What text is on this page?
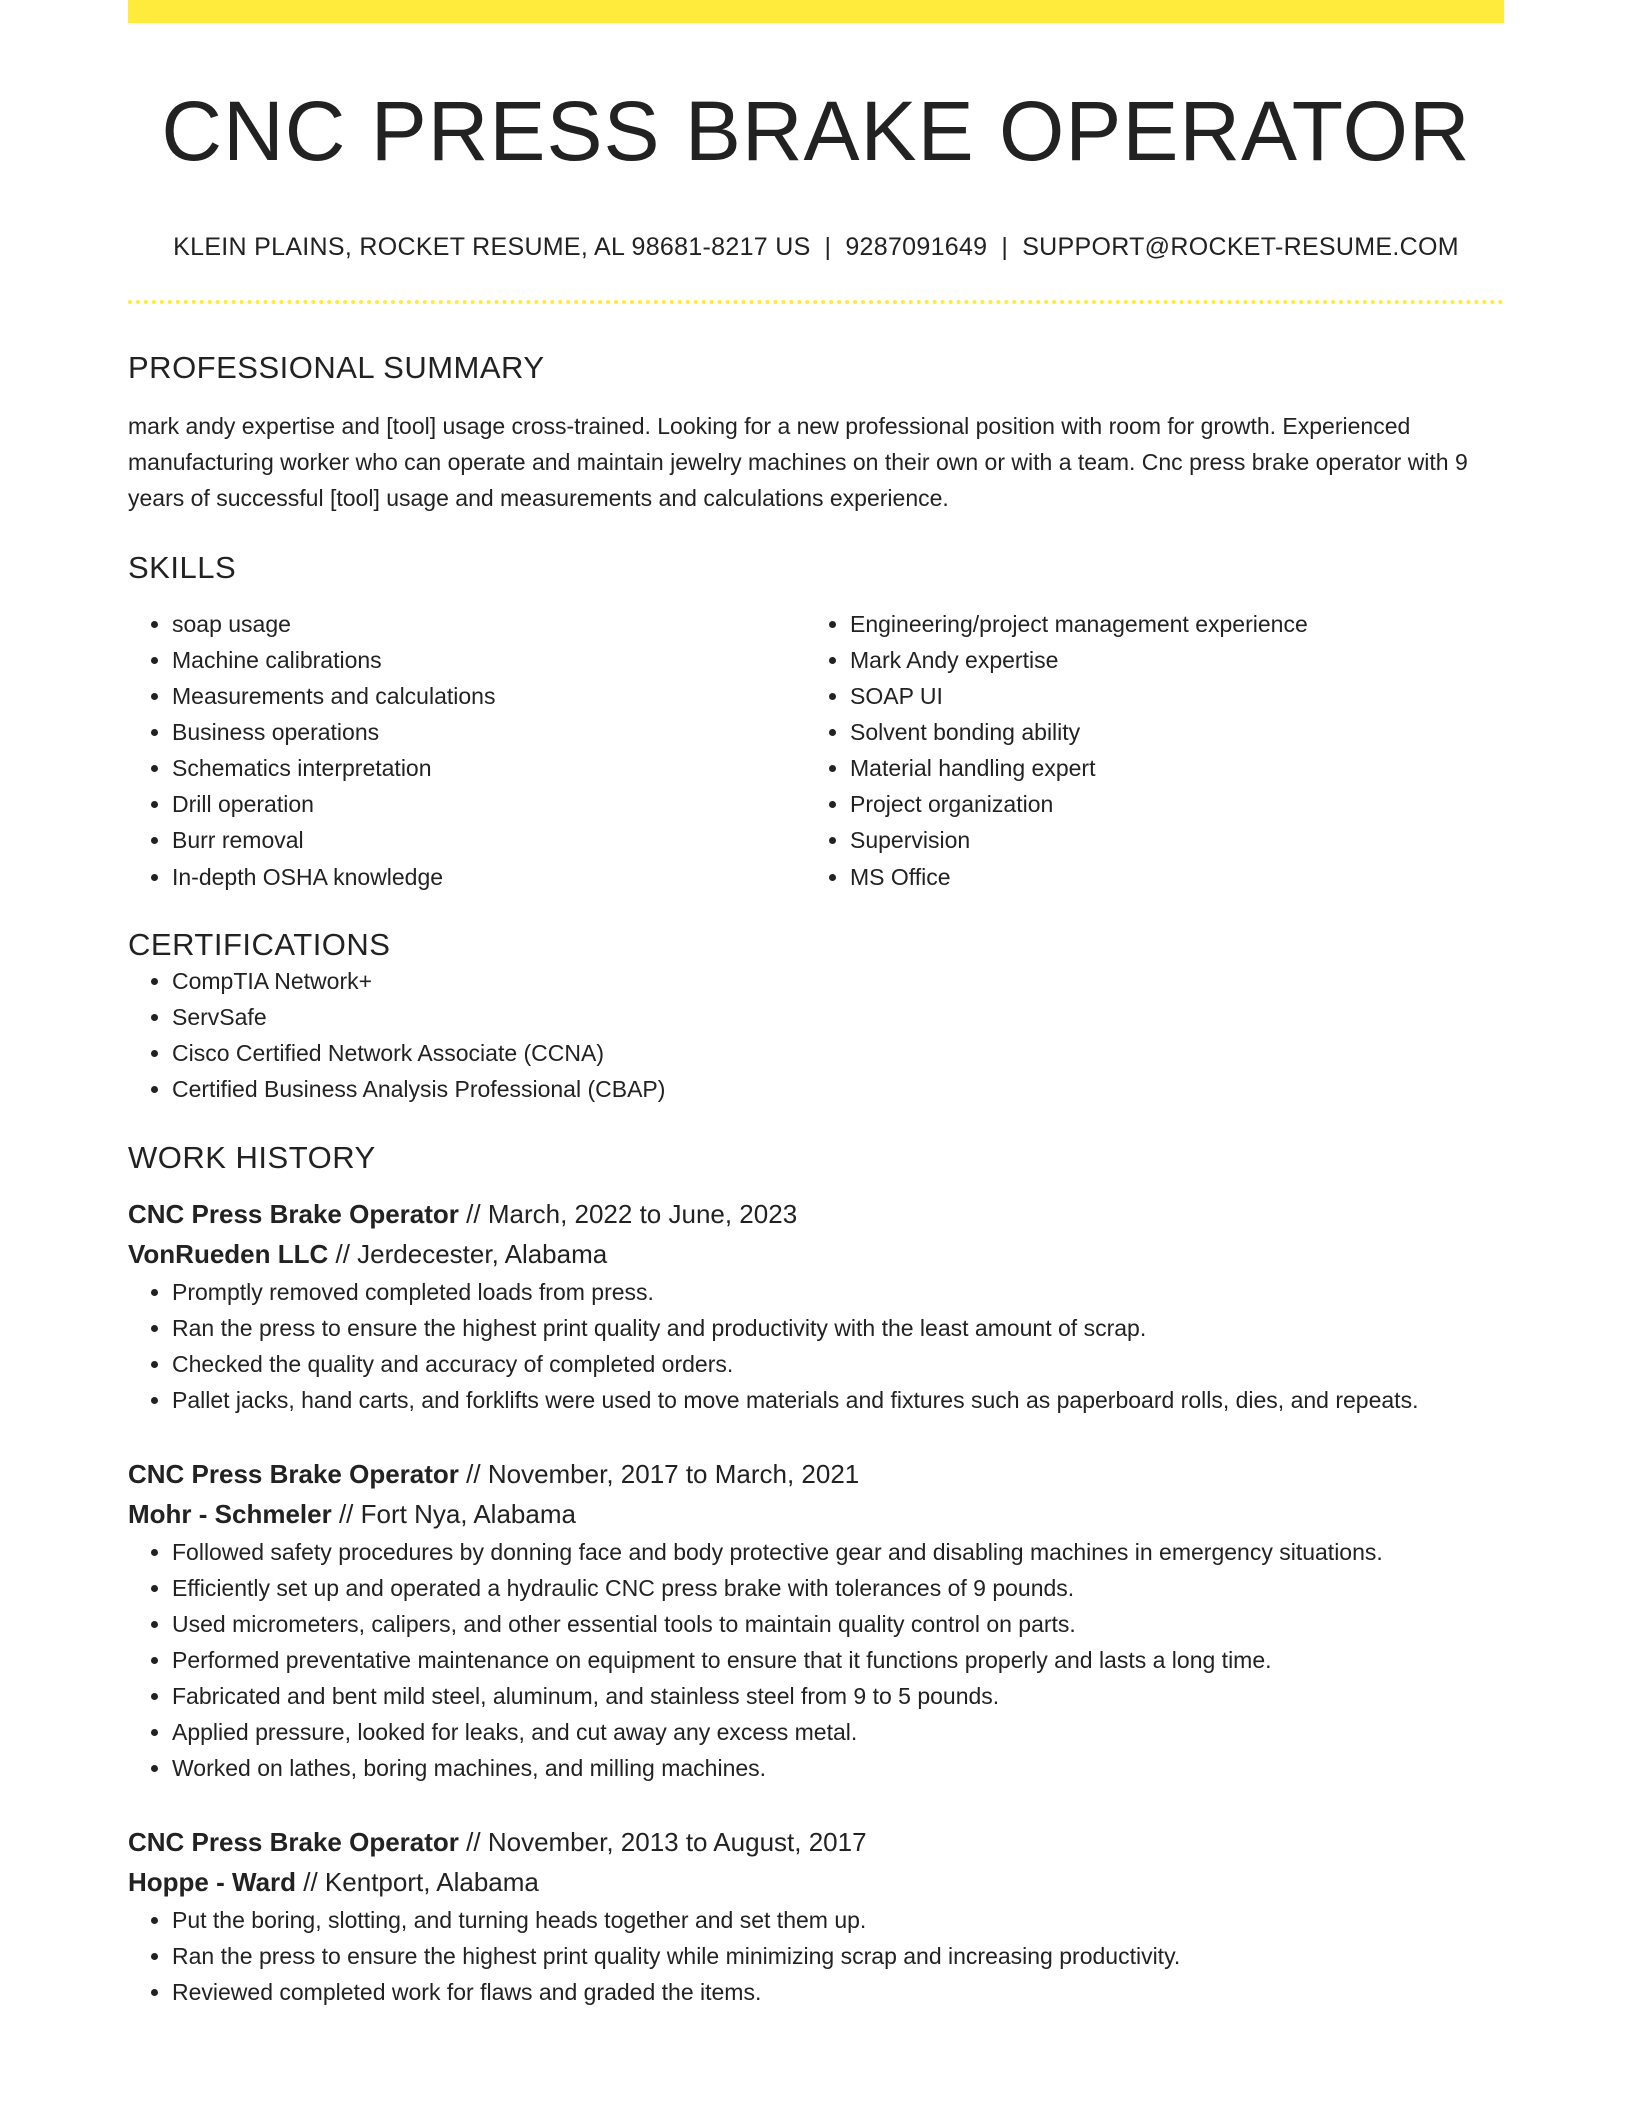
CNC PRESS BRAKE OPERATOR
KLEIN PLAINS, ROCKET RESUME, AL 98681-8217 US | 9287091649 | SUPPORT@ROCKET-RESUME.COM
PROFESSIONAL SUMMARY

mark andy expertise and [tool] usage cross-trained. Looking for a new professional position with room for growth. Experienced manufacturing worker who can operate and maintain jewelry machines on their own or with a team. Cnc press brake operator with 9 years of successful [tool] usage and measurements and calculations experience.

SKILLS
• soap usage
• Machine calibrations
• Measurements and calculations
• Business operations
• Schematics interpretation
• Drill operation
• Burr removal
• In-depth OSHA knowledge
• Engineering/project management experience
• Mark Andy expertise
• SOAP UI
• Solvent bonding ability
• Material handling expert
• Project organization
• Supervision
• MS Office
CERTIFICATIONS
• CompTIA Network+
• ServSafe
• Cisco Certified Network Associate (CCNA)
• Certified Business Analysis Professional (CBAP)
WORK HISTORY
CNC Press Brake Operator // March, 2022 to June, 2023
VonRueden LLC // Jerdecester, Alabama
• Promptly removed completed loads from press.
• Ran the press to ensure the highest print quality and productivity with the least amount of scrap.
• Checked the quality and accuracy of completed orders.
• Pallet jacks, hand carts, and forklifts were used to move materials and fixtures such as paperboard rolls, dies, and repeats.
CNC Press Brake Operator // November, 2017 to March, 2021
Mohr - Schmeler // Fort Nya, Alabama
• Followed safety procedures by donning face and body protective gear and disabling machines in emergency situations.
• Efficiently set up and operated a hydraulic CNC press brake with tolerances of 9 pounds.
• Used micrometers, calipers, and other essential tools to maintain quality control on parts.
• Performed preventative maintenance on equipment to ensure that it functions properly and lasts a long time.
• Fabricated and bent mild steel, aluminum, and stainless steel from 9 to 5 pounds.
• Applied pressure, looked for leaks, and cut away any excess metal.
• Worked on lathes, boring machines, and milling machines.
CNC Press Brake Operator // November, 2013 to August, 2017
Hoppe - Ward // Kentport, Alabama
• Put the boring, slotting, and turning heads together and set them up.
• Ran the press to ensure the highest print quality while minimizing scrap and increasing productivity.
• Reviewed completed work for flaws and graded the items.
